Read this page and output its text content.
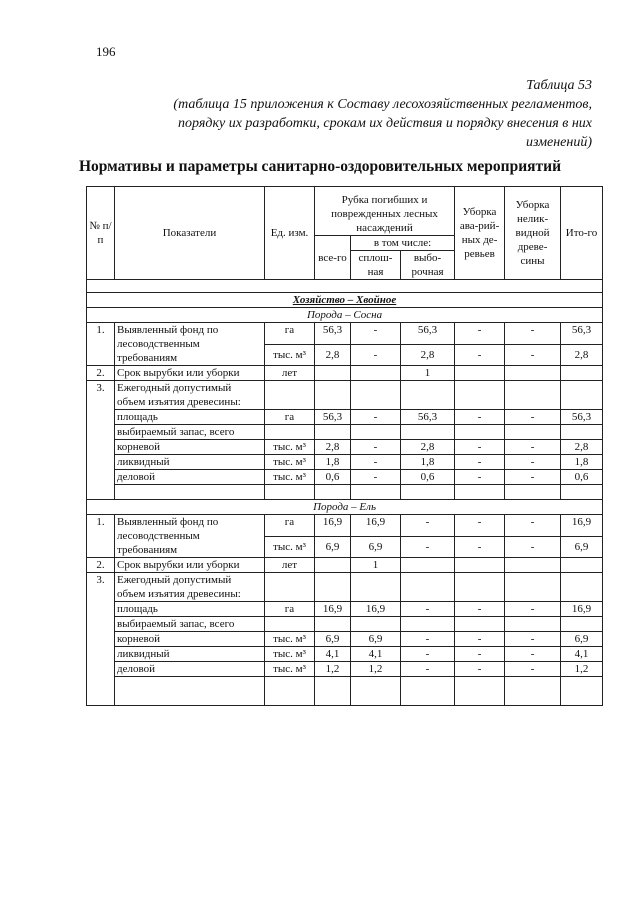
196
Таблица 53
(таблица 15 приложения к Составу лесохозяйственных регламентов,
порядку их разработки, срокам их действия и порядку внесения в них
изменений)
Нормативы и параметры санитарно-оздоровительных мероприятий
№ п/п	Показатели	Ед. изм.	Рубка погибших и поврежденных лесных насаждений			Уборка ава-рий-ных де-ревьев	Уборка нелик-видной древе-сины	Ито-го
			все-го	в том числе:				
				сплош-ная	выбо-рочная			

Хозяйство – Хвойное								
Порода – Сосна								
1.	Выявленный фонд по лесоводственным требованиям	га	56,3	-	56,3	-	-	56,3
		тыс. м³	2,8	-	2,8	-	-	2,8
2.	Срок вырубки или уборки	лет			1			
3.	Ежегодный допустимый объем изъятия древесины:							
	площадь	га	56,3	-	56,3	-	-	56,3
	выбираемый запас, всего							
	корневой	тыс. м³	2,8	-	2,8	-	-	2,8
	ликвидный	тыс. м³	1,8	-	1,8	-	-	1,8
	деловой	тыс. м³	0,6	-	0,6	-	-	0,6

Порода – Ель								
1.	Выявленный фонд по лесоводственным требованиям	га	16,9	16,9	-	-	-	16,9
		тыс. м³	6,9	6,9	-	-	-	6,9
2.	Срок вырубки или уборки	лет		1				
3.	Ежегодный допустимый объем изъятия древесины:							
	площадь	га	16,9	16,9	-	-	-	16,9
	выбираемый запас, всего							
	корневой	тыс. м³	6,9	6,9	-	-	-	6,9
	ликвидный	тыс. м³	4,1	4,1	-	-	-	4,1
	деловой	тыс. м³	1,2	1,2	-	-	-	1,2
